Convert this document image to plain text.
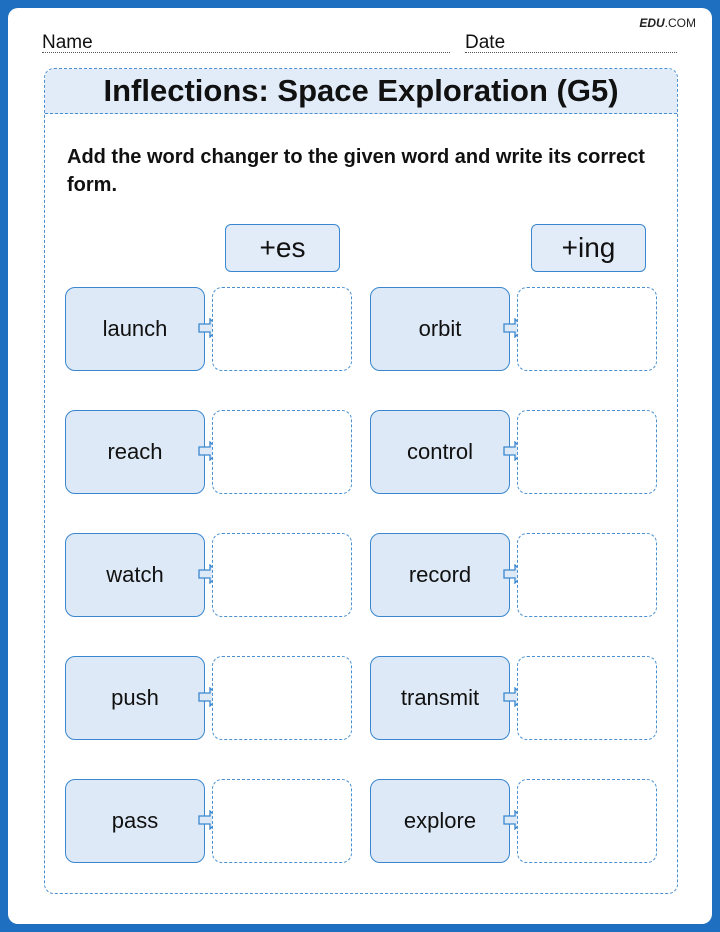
EDU.COM
Name	Date
Inflections: Space Exploration (G5)
Add the word changer to the given word and write its correct form.
+es	+ing
launch
reach
watch
push
pass
orbit
control
record
transmit
explore
